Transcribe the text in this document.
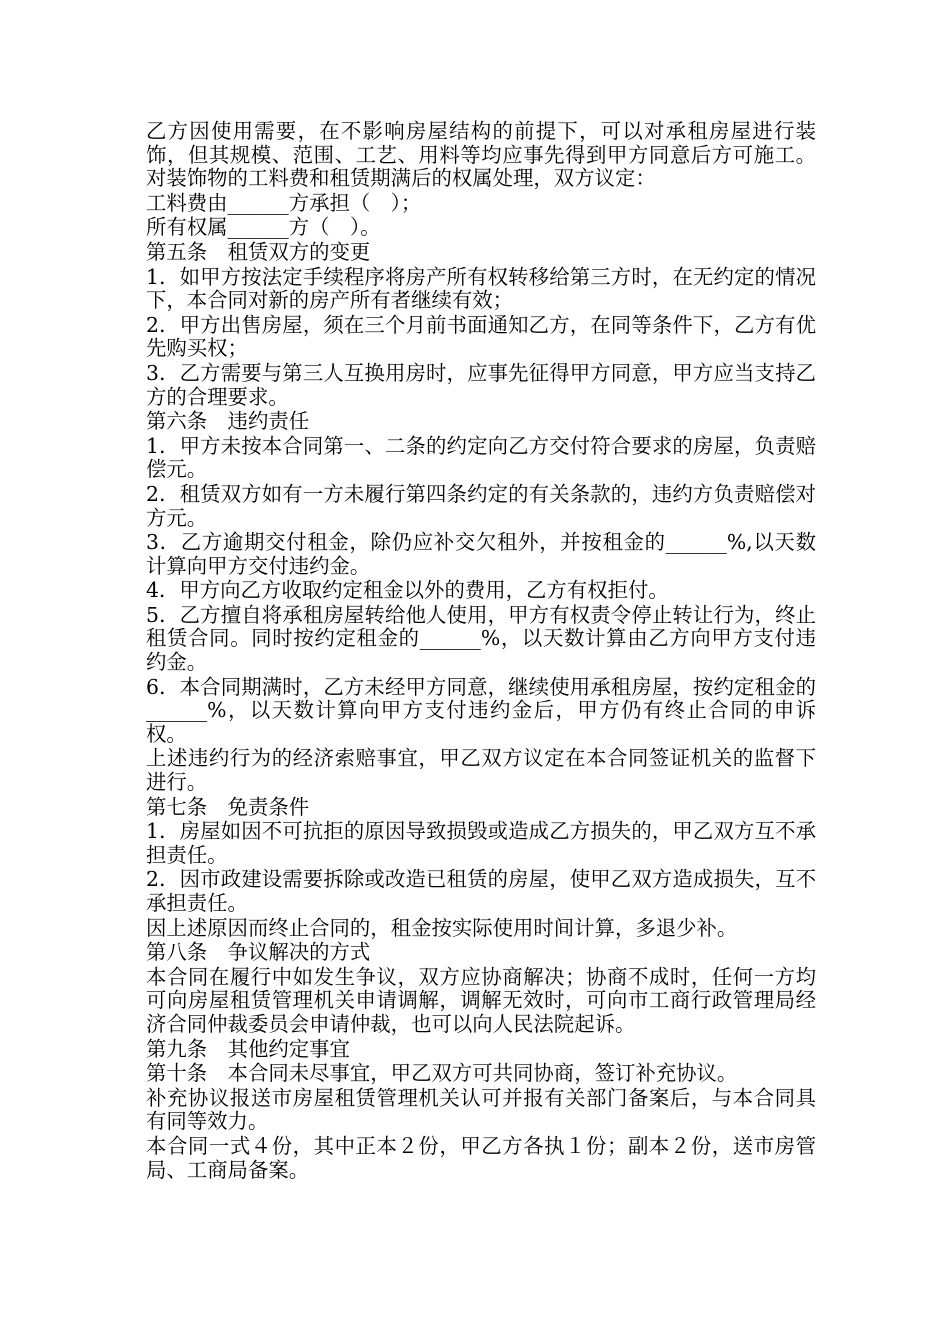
乙方因使用需要，在不影响房屋结构的前提下，可以对承租房屋进行装饰，但其规模、范围、工艺、用料等均应事先得到甲方同意后方可施工。对装饰物的工料费和租赁期满后的权属处理，双方议定：

工料费由______方承担（　）；

所有权属______方（　）。

第五条　租赁双方的变更

1．如甲方按法定手续程序将房产所有权转移给第三方时，在无约定的情况下，本合同对新的房产所有者继续有效；

2．甲方出售房屋，须在三个月前书面通知乙方，在同等条件下，乙方有优先购买权；

3．乙方需要与第三人互换用房时，应事先征得甲方同意，甲方应当支持乙方的合理要求。

第六条　违约责任

1．甲方未按本合同第一、二条的约定向乙方交付符合要求的房屋，负责赔偿元。

2．租赁双方如有一方未履行第四条约定的有关条款的，违约方负责赔偿对方元。

3．乙方逾期交付租金，除仍应补交欠租外，并按租金的______%,以天数计算向甲方交付违约金。

4．甲方向乙方收取约定租金以外的费用，乙方有权拒付。

5．乙方擅自将承租房屋转给他人使用，甲方有权责令停止转让行为，终止租赁合同。同时按约定租金的______%，以天数计算由乙方向甲方支付违约金。

6．本合同期满时，乙方未经甲方同意，继续使用承租房屋，按约定租金的______%，以天数计算向甲方支付违约金后，甲方仍有终止合同的申诉权。

上述违约行为的经济索赔事宜，甲乙双方议定在本合同签证机关的监督下进行。

第七条　免责条件

1．房屋如因不可抗拒的原因导致损毁或造成乙方损失的，甲乙双方互不承担责任。

2．因市政建设需要拆除或改造已租赁的房屋，使甲乙双方造成损失，互不承担责任。

因上述原因而终止合同的，租金按实际使用时间计算，多退少补。

第八条　争议解决的方式

本合同在履行中如发生争议，双方应协商解决；协商不成时，任何一方均可向房屋租赁管理机关申请调解，调解无效时，可向市工商行政管理局经济合同仲裁委员会申请仲裁，也可以向人民法院起诉。

第九条　其他约定事宜

第十条　本合同未尽事宜，甲乙双方可共同协商，签订补充协议。

补充协议报送市房屋租赁管理机关认可并报有关部门备案后，与本合同具有同等效力。

本合同一式４份，其中正本２份，甲乙方各执１份；副本２份，送市房管局、工商局备案。
